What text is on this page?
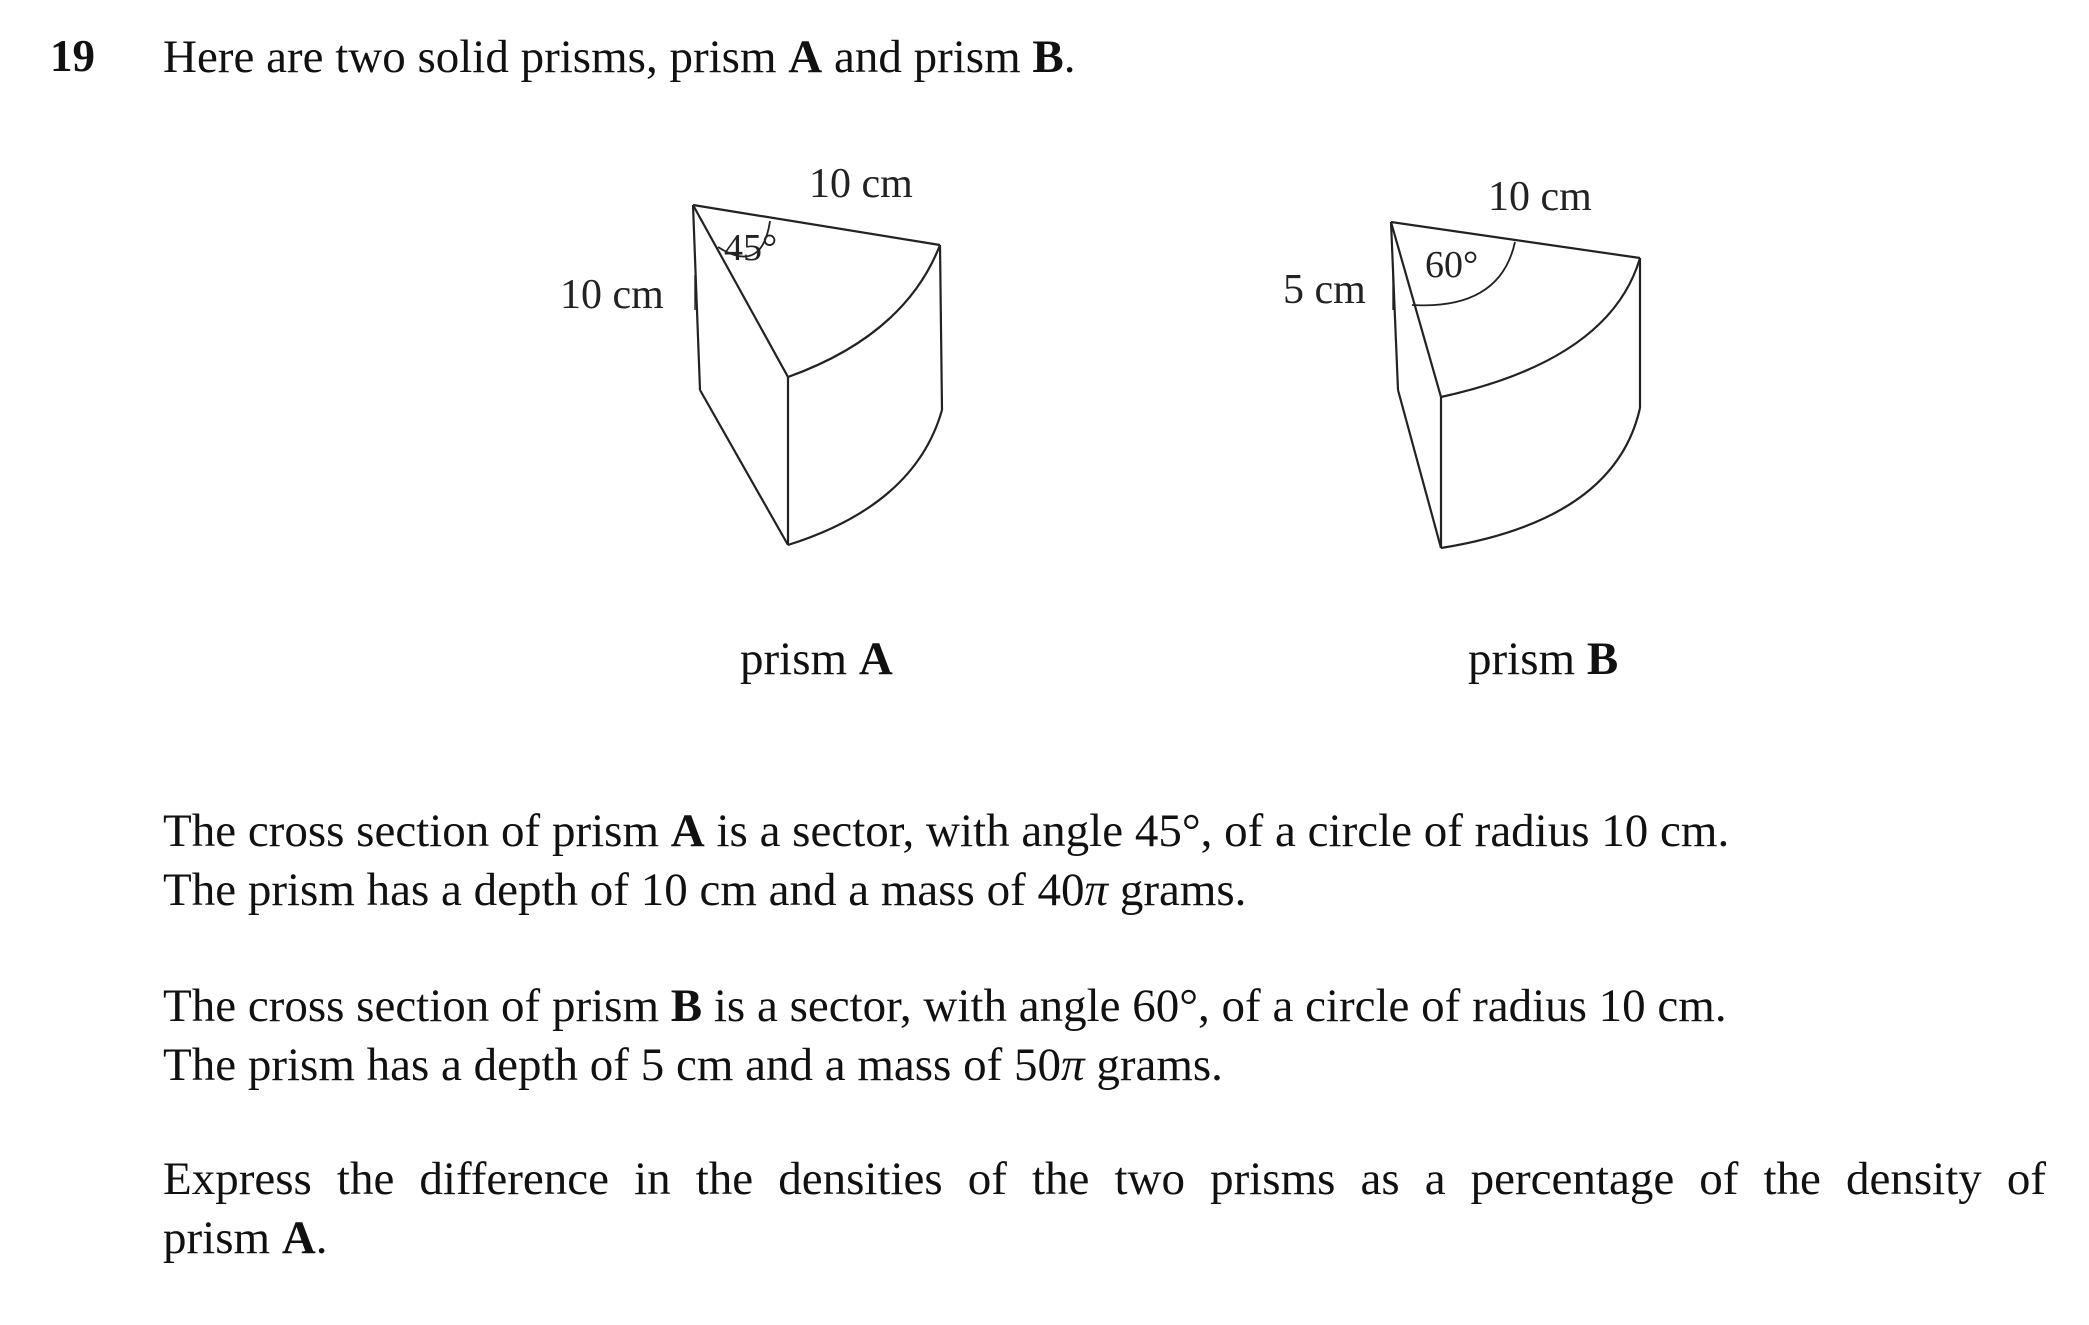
19 Here are two solid prisms, prism A and prism B.
10 cm
10 cm
45°
10 cm
5 cm
60°
prism A	prism B
The cross section of prism A is a sector, with angle 45°, of a circle of radius 10 cm.
The prism has a depth of 10 cm and a mass of 40π grams.
The cross section of prism B is a sector, with angle 60°, of a circle of radius 10 cm.
The prism has a depth of 5 cm and a mass of 50π grams.
Express the difference in the densities of the two prisms as a percentage of the density of
prism A.
